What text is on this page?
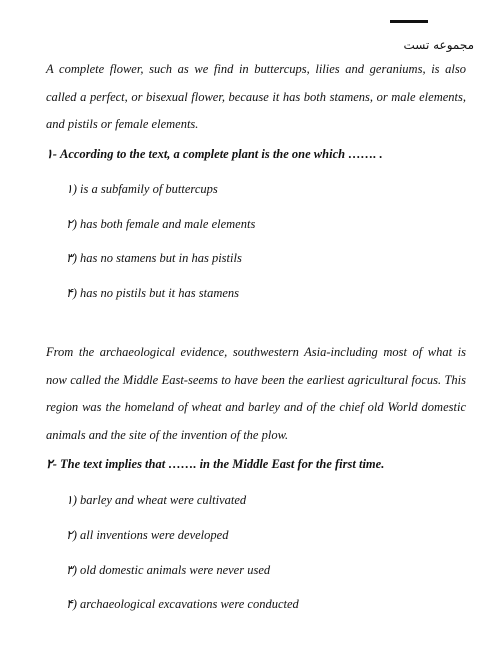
مجموعه تست

A complete flower, such as we find in buttercups, lilies and geraniums, is also called a perfect, or bisexual flower, because it has both stamens, or male elements, and pistils or female elements.

۱- According to the text, a complete plant is the one which ……. .
۱) is a subfamily of buttercups
۲) has both female and male elements
۳) has no stamens but in has pistils
۴) has no pistils but it has stamens

From the archaeological evidence, southwestern Asia-including most of what is now called the Middle East-seems to have been the earliest agricultural focus. This region was the homeland of wheat and barley and of the chief old World domestic animals and the site of the invention of the plow.

۲- The text implies that ……. in the Middle East for the first time.
۱) barley and wheat were cultivated
۲) all inventions were developed
۳) old domestic animals were never used
۴) archaeological excavations were conducted
